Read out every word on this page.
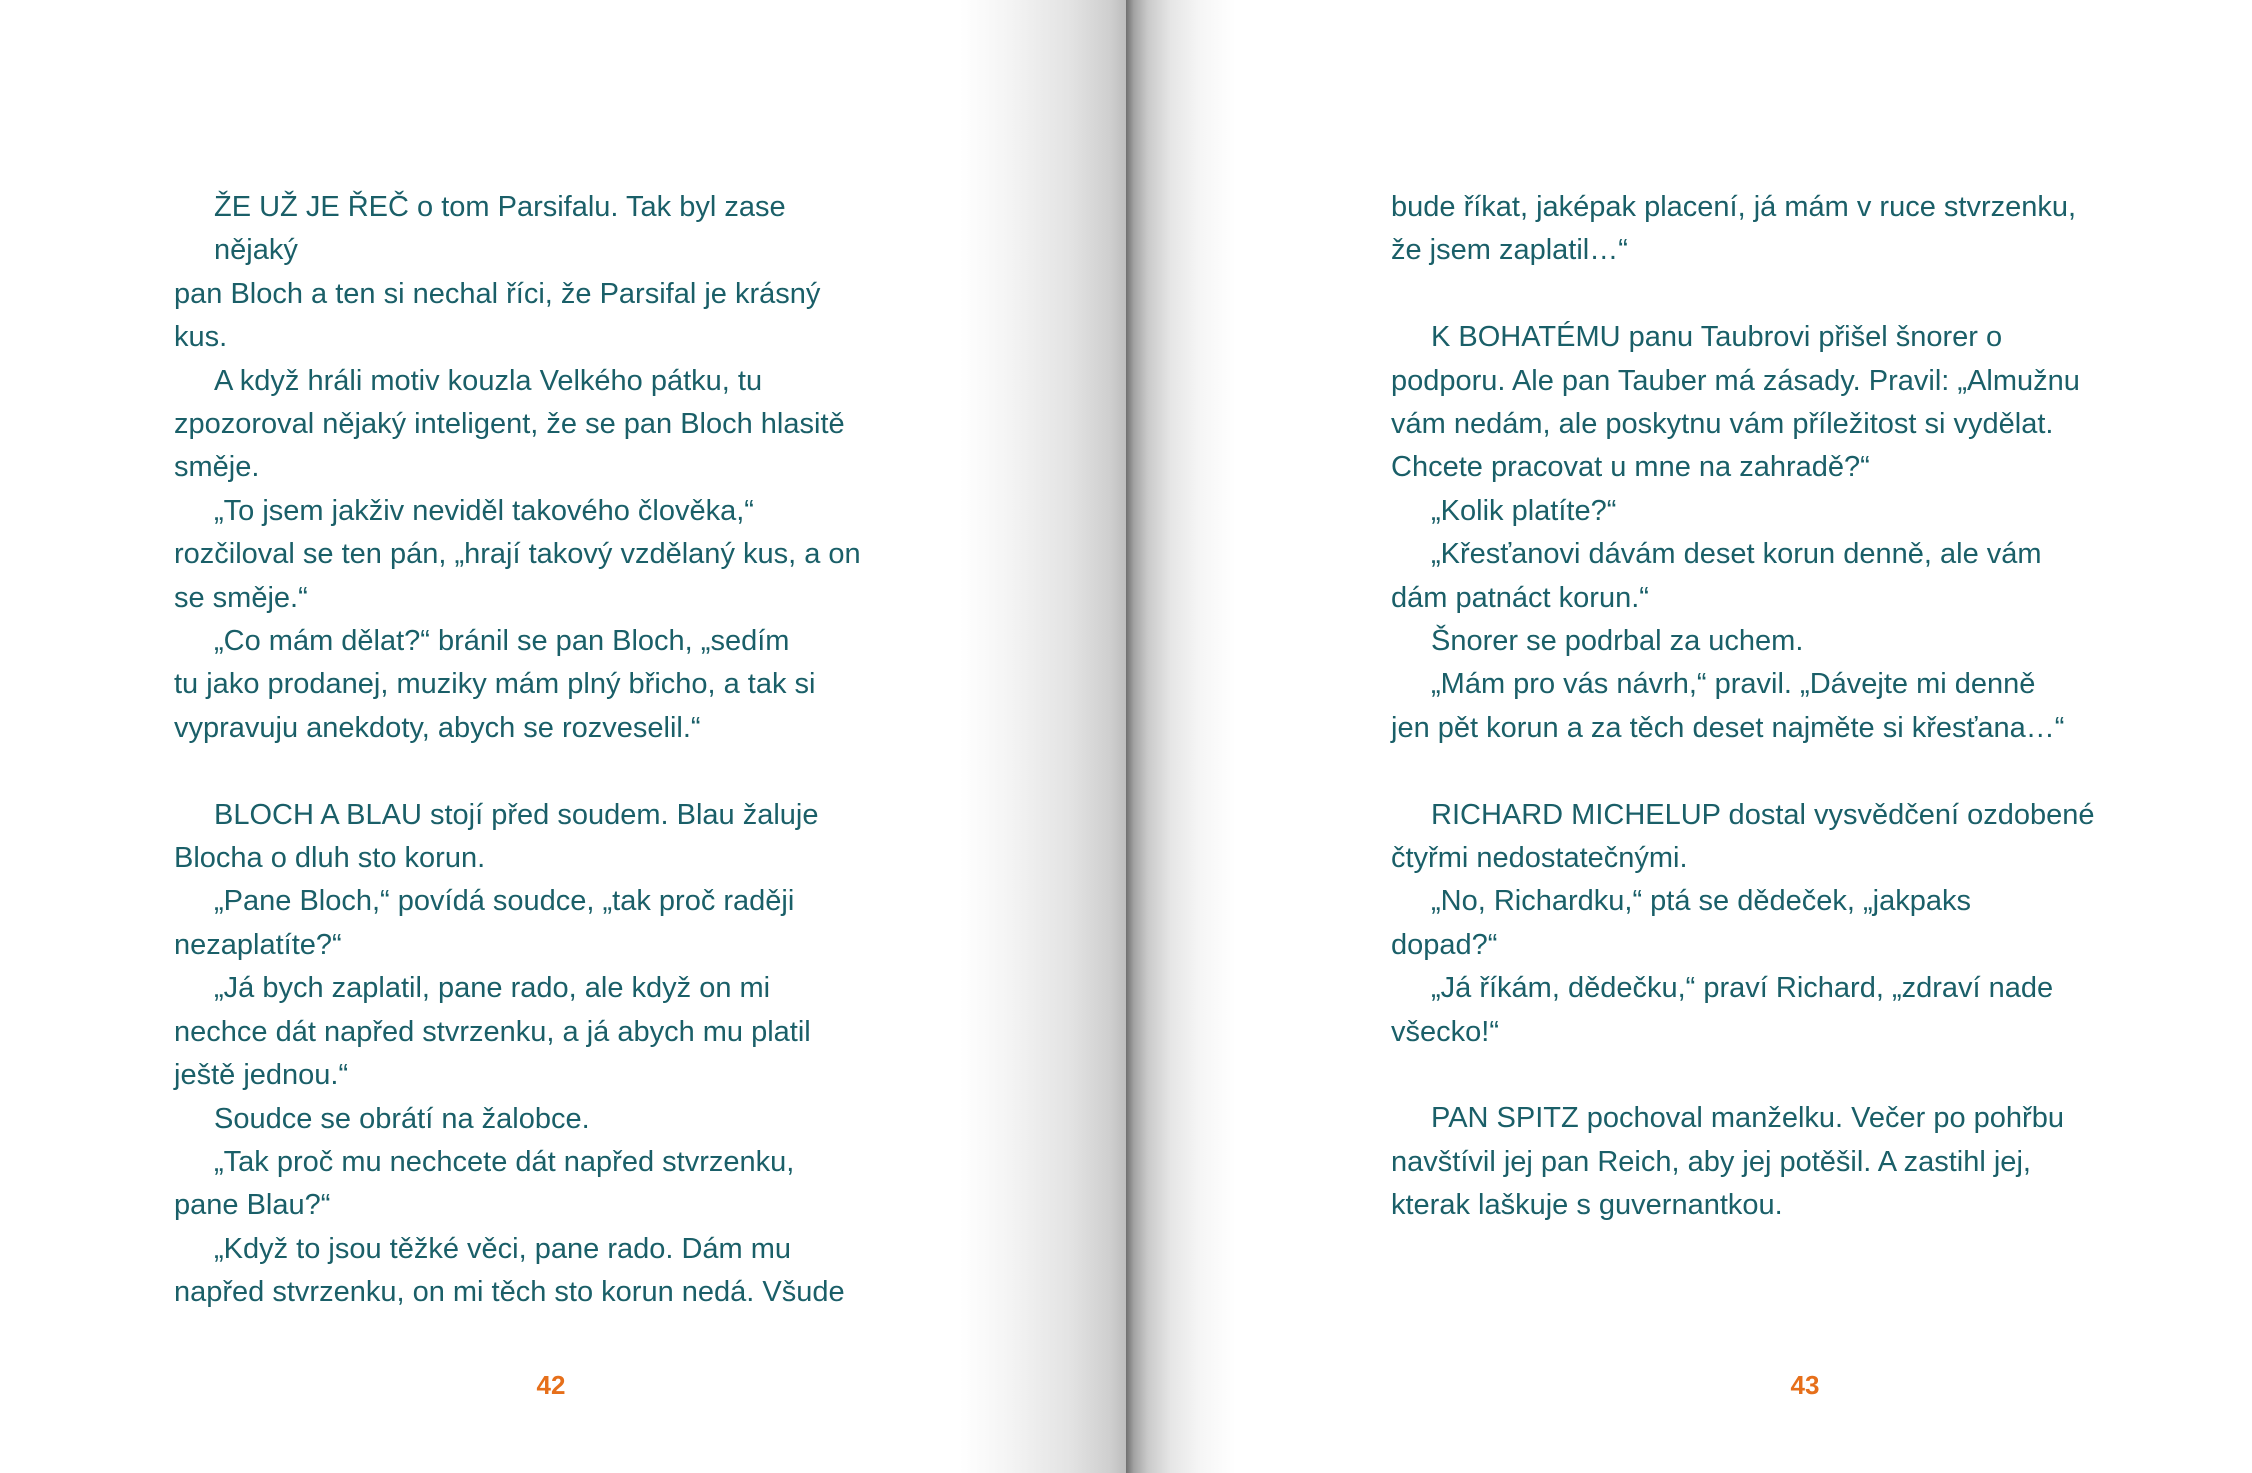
ŽE UŽ JE ŘEČ o tom Parsifalu. Tak byl zase nějaký
pan Bloch a ten si nechal říci, že Parsifal je krásný kus.
A když hráli motiv kouzla Velkého pátku, tu
zpozoroval nějaký inteligent, že se pan Bloch hlasitě
směje.
„To jsem jakživ neviděl takového člověka,“
rozčiloval se ten pán, „hrají takový vzdělaný kus, a on
se směje.“
„Co mám dělat?“ bránil se pan Bloch, „sedím
tu jako prodanej, muziky mám plný břicho, a tak si
vypravuju anekdoty, abych se rozveselil.“
BLOCH A BLAU stojí před soudem. Blau žaluje
Blocha o dluh sto korun.
„Pane Bloch,“ povídá soudce, „tak proč raději
nezaplatíte?“
„Já bych zaplatil, pane rado, ale když on mi
nechce dát napřed stvrzenku, a já abych mu platil
ještě jednou.“
Soudce se obrátí na žalobce.
„Tak proč mu nechcete dát napřed stvrzenku,
pane Blau?“
„Když to jsou těžké věci, pane rado. Dám mu
napřed stvrzenku, on mi těch sto korun nedá. Všude
42
bude říkat, jaképak placení, já mám v ruce stvrzenku,
že jsem zaplatil…“
K BOHATÉMU panu Taubrovi přišel šnorer o
podporu. Ale pan Tauber má zásady. Pravil: „Almužnu
vám nedám, ale poskytnu vám příležitost si vydělat.
Chcete pracovat u mne na zahradě?“
„Kolik platíte?“
„Křesťanovi dávám deset korun denně, ale vám
dám patnáct korun.“
Šnorer se podrbal za uchem.
„Mám pro vás návrh,“ pravil. „Dávejte mi denně
jen pět korun a za těch deset najměte si křesťana…“
RICHARD MICHELUP dostal vysvědčení ozdobené
čtyřmi nedostatečnými.
„No, Richardku,“ ptá se dědeček, „jakpaks
dopad?“
„Já říkám, dědečku,“ praví Richard, „zdraví nade
všecko!“
PAN SPITZ pochoval manželku. Večer po pohřbu
navštívil jej pan Reich, aby jej potěšil. A zastihl jej,
kterak laškuje s guvernantkou.
43
